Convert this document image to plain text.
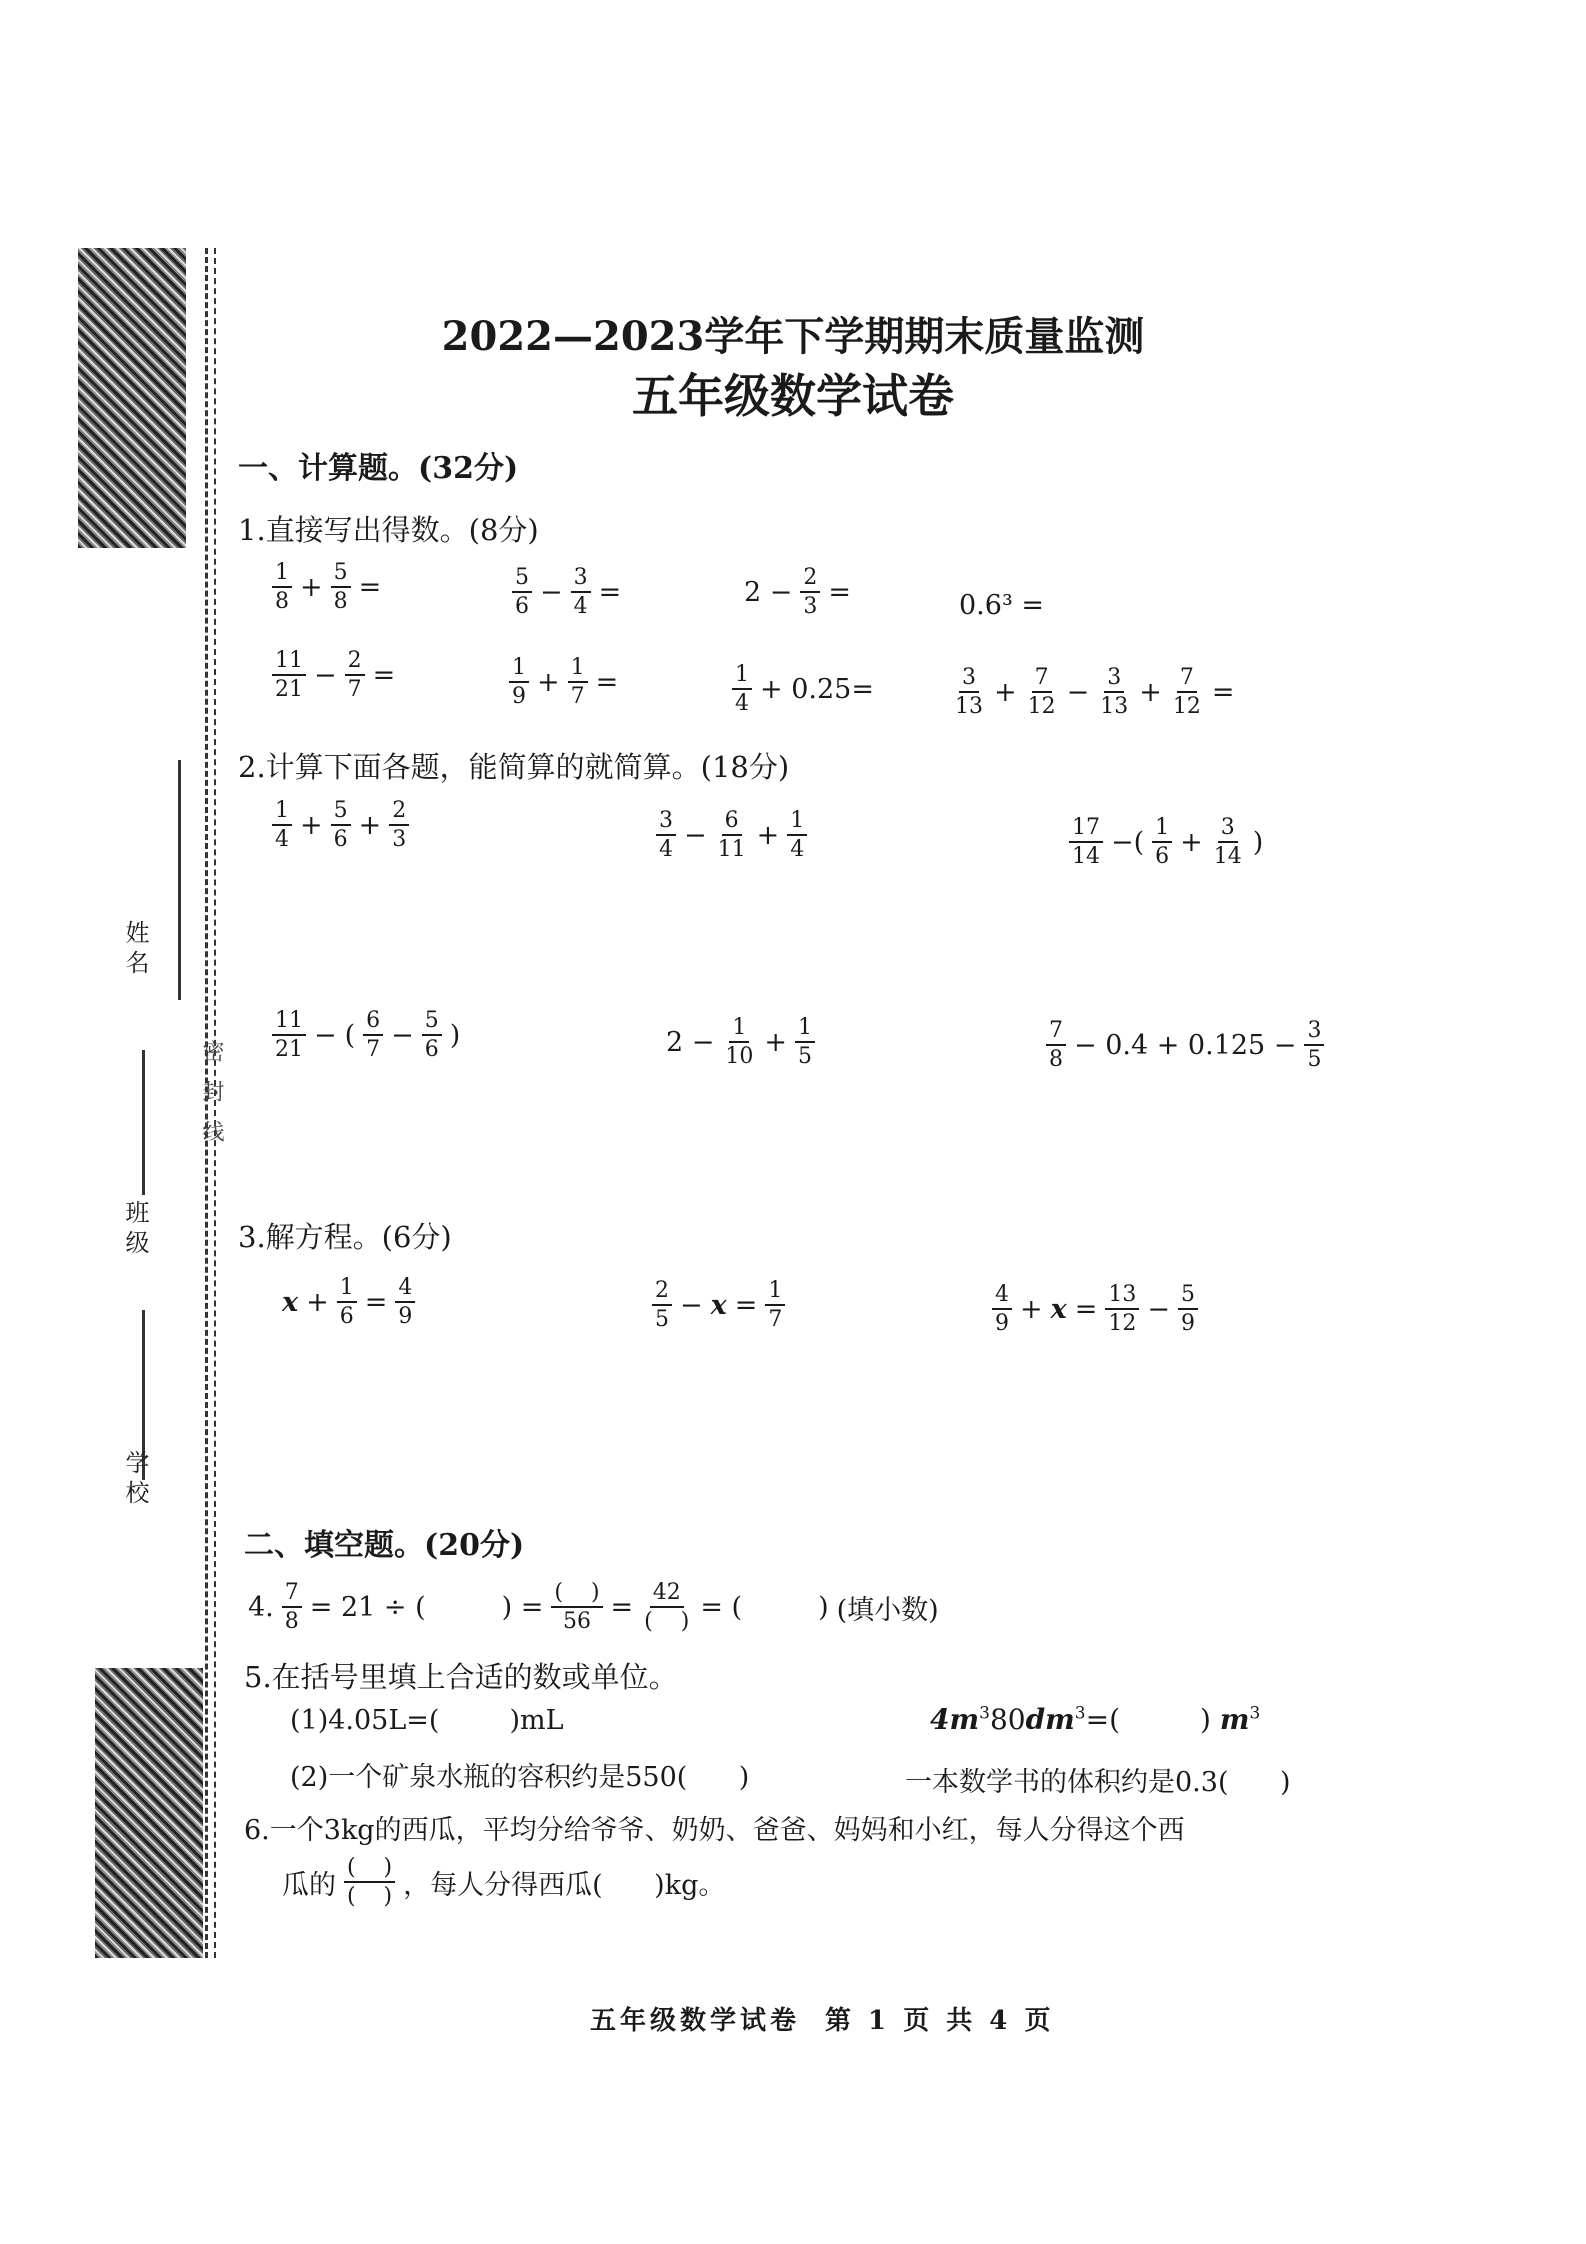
姓名
班级
学校
密封线
2022—2023学年下学期期末质量监测
五年级数学试卷
一、计算题。(32分)
1.直接写出得数。(8分)
$\frac{1}{8} + \frac{5}{8}$ =	$\frac{5}{6} - \frac{3}{4}$ =	$2 - \frac{2}{3}$ =	0.6³ =
$\frac{11}{21} - \frac{2}{7}$ =	$\frac{1}{9} + \frac{1}{7}$ =	$\frac{1}{4} + 0.25=$	$\frac{3}{13} + \frac{7}{12} - \frac{3}{13} + \frac{7}{12}$ =
2.计算下面各题，能简算的就简算。(18分)
$\frac{1}{4} + \frac{5}{6} + \frac{2}{3}$	$\frac{3}{4} - \frac{6}{11} + \frac{1}{4}$	$\frac{17}{14}$ −( $\frac{1}{6} + \frac{3}{14}$ )
$\frac{11}{21}$ − ( $\frac{6}{7} - \frac{5}{6}$ )	$2 - \frac{1}{10} + \frac{1}{5}$	$\frac{7}{8} - 0.4 + 0.125 - \frac{3}{5}$
3.解方程。(6分)
$x + \frac{1}{6} = \frac{4}{9}$	$\frac{2}{5} - x = \frac{1}{7}$	$\frac{4}{9} + x = \frac{13}{12} - \frac{5}{9}$
二、填空题。(20分)
4. $\frac{7}{8} = 21$ ÷ (	) = $\frac{( )}{56} = \frac{42}{( )}$ = (	) (填小数)
5.在括号里填上合适的数或单位。
(1)4.05L=(	)mL	$4m^380dm^3=$(	) $m^3$
(2)一个矿泉水瓶的容积约是550(      )	一本数学书的体积约是0.3(      )
6.一个3kg的西瓜，平均分给爷爷、奶奶、爸爸、妈妈和小红，每人分得这个西
瓜的 $\frac{( )}{( )}$ ，每人分得西瓜(      )kg。
五年级数学试卷 第 1 页 共 4 页
